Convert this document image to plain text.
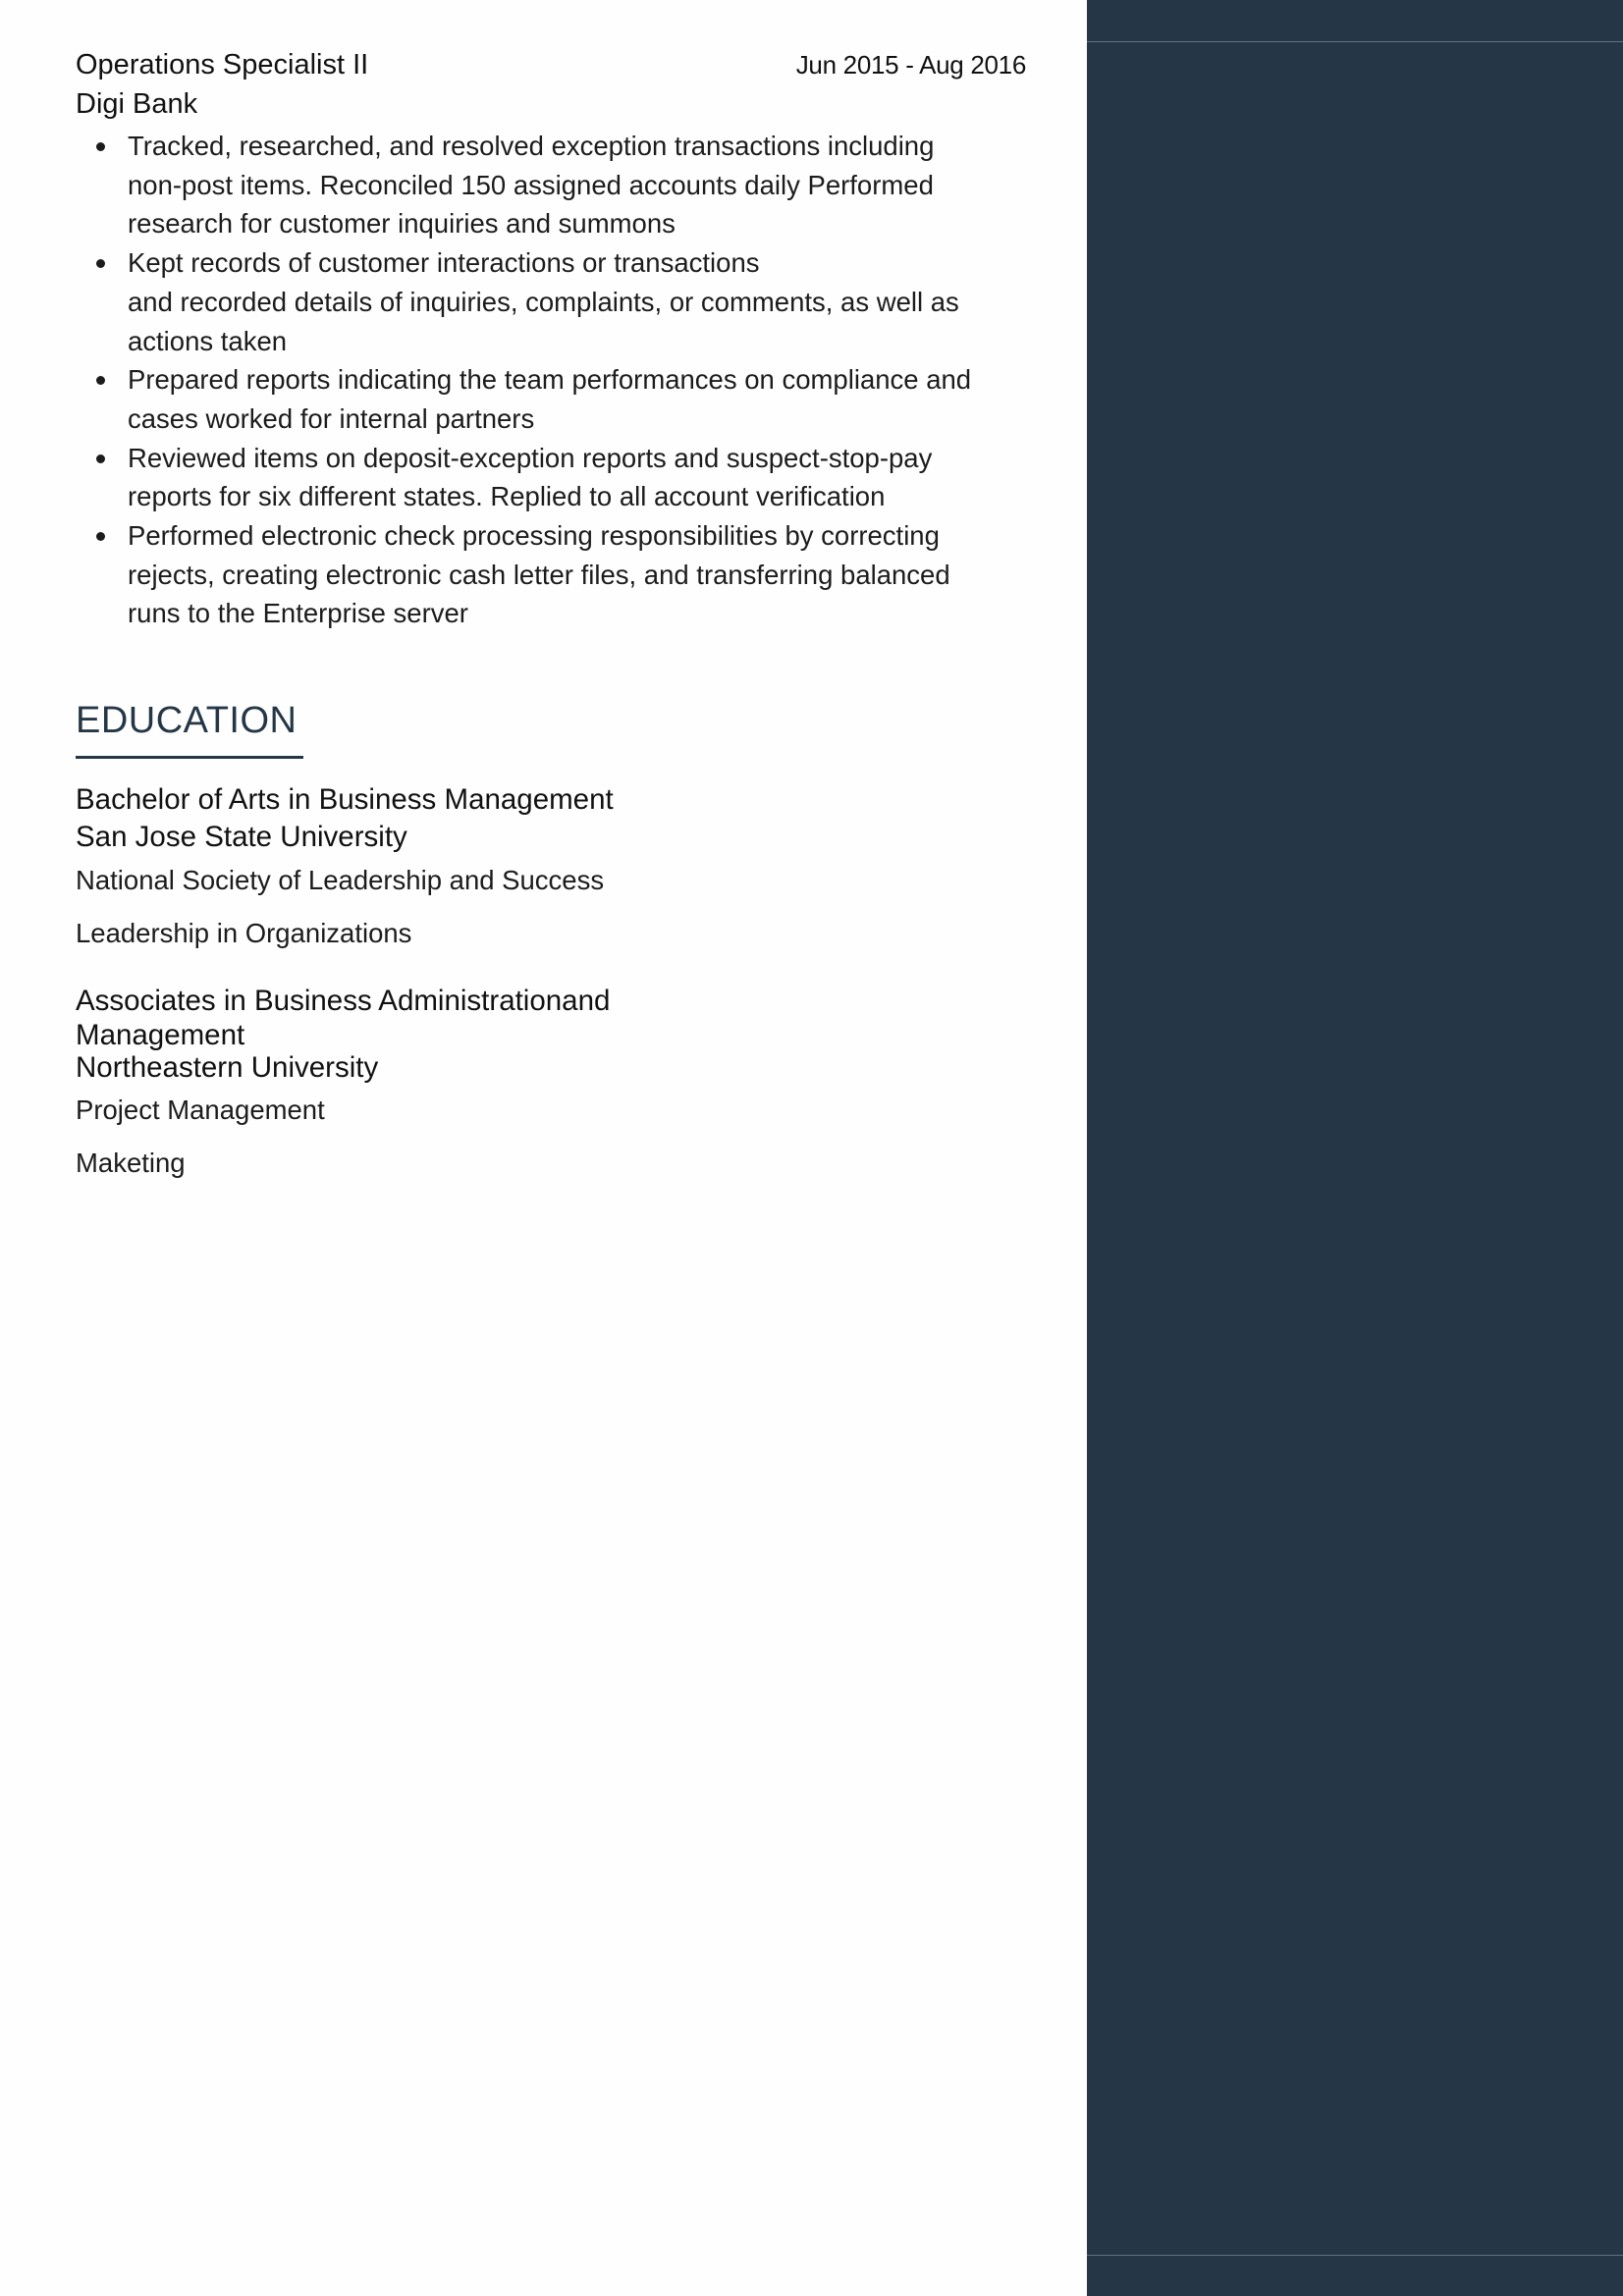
Operations Specialist II	Jun 2015 - Aug 2016
Digi Bank
Tracked, researched, and resolved exception transactions including
non-post items. Reconciled 150 assigned accounts daily Performed
research for customer inquiries and summons
Kept records of customer interactions or transactions
and recorded details of inquiries, complaints, or comments, as well as
actions taken
Prepared reports indicating the team performances on compliance and
cases worked for internal partners
Reviewed items on deposit-exception reports and suspect-stop-pay
reports for six different states. Replied to all account verification
Performed electronic check processing responsibilities by correcting
rejects, creating electronic cash letter files, and transferring balanced
runs to the Enterprise server
EDUCATION
Bachelor of Arts in Business Management
San Jose State University
National Society of Leadership and Success
Leadership in Organizations
Associates in Business Administrationand
Management
Northeastern University
Project Management
Maketing
